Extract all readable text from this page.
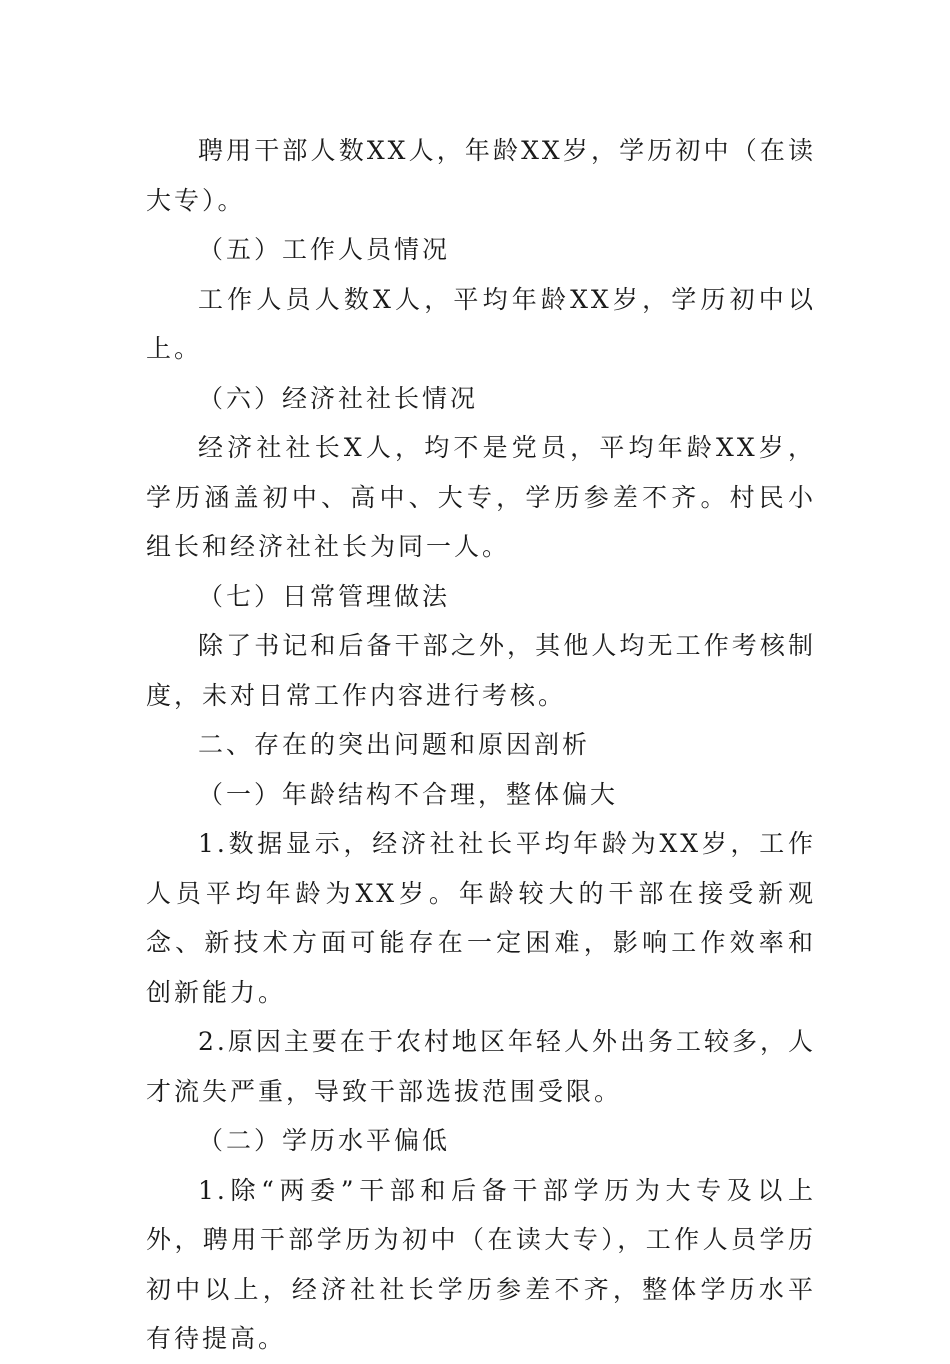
聘用干部人数XX人，年龄XX岁，学历初中（在读大专）。

（五）工作人员情况

工作人员人数X人，平均年龄XX岁，学历初中以上。

（六）经济社社长情况

经济社社长X人，均不是党员，平均年龄XX岁，学历涵盖初中、高中、大专，学历参差不齐。村民小组长和经济社社长为同一人。

（七）日常管理做法

除了书记和后备干部之外，其他人均无工作考核制度，未对日常工作内容进行考核。

二、存在的突出问题和原因剖析

（一）年龄结构不合理，整体偏大

1.数据显示，经济社社长平均年龄为XX岁，工作人员平均年龄为XX岁。年龄较大的干部在接受新观念、新技术方面可能存在一定困难，影响工作效率和创新能力。

2.原因主要在于农村地区年轻人外出务工较多，人才流失严重，导致干部选拔范围受限。

（二）学历水平偏低

1.除“两委”干部和后备干部学历为大专及以上外，聘用干部学历为初中（在读大专），工作人员学历初中以上，经济社社长学历参差不齐，整体学历水平有待提高。
